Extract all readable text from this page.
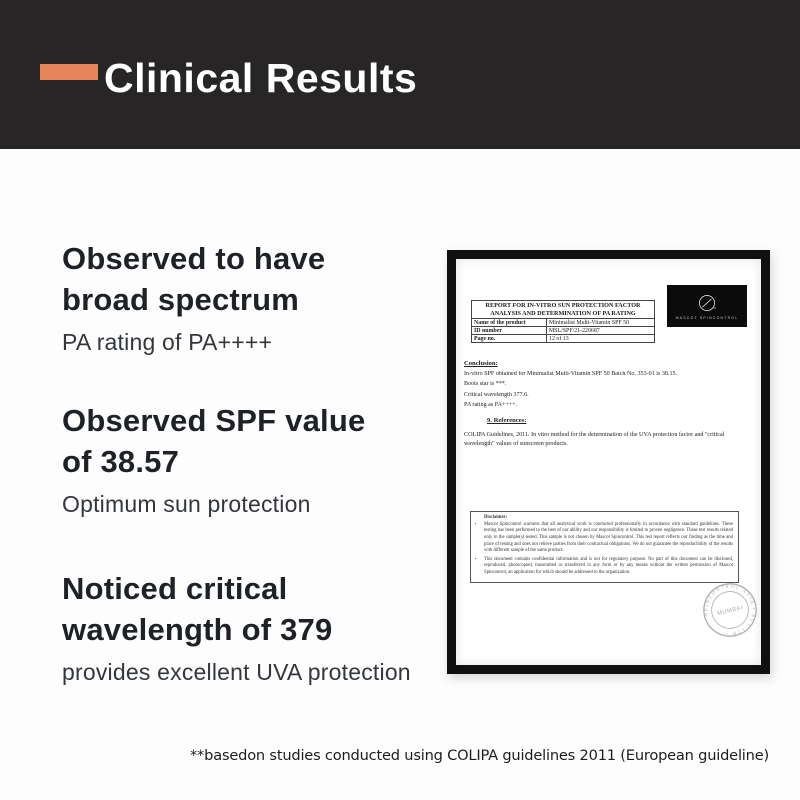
Clinical Results
Observed to have
broad spectrum
PA rating of PA++++
Observed SPF value
of 38.57
Optimum sun protection
Noticed critical
wavelength of 379
provides excellent UVA protection
MASCOT SPINCONTROL
REPORT FOR IN-VITRO SUN PROTECTION FACTOR
ANALYSIS AND DETERMINATION OF PA RATING	

Name of the product	Minimalist Multi-Vitamin SPF 50
ID number	MSL/SPF/21-220687
Page no.	12 of 13
Conclusion:
In-vitro SPF obtained for Minimalist Multi-Vitamin SPF 50 Batch No. 353-01 is 38.15.
Boots star is ***.
Critical wavelength 377.6.
PA rating as PA++++.
9. References:
COLIPA Guidelines, 2011. In vitro method for the determination of the UVA protection factor and "critical wavelength" values of sunscreen products.
Disclaimer:
• Mascot Spincontrol warrants that all analytical work is conducted professionally in accordance with standard guidelines. These testing has been performed to the best of our ability and our responsibility is limited to proven negligence. These test results related only to the sample(s) tested. This sample is not chosen by Mascot Spincontrol. This test report reflects our finding as the time and place of testing and does not relieve parties from their contractual obligations. We do not guarantee the reproducibility of the results with different sample of the same product.
• This document contains confidential information and is not for regulatory purpose. No part of this document can be disclosed, reproduced, photocopied, transmitted or transferred in any form or by any means without the written permission of Mascot Spincontrol, an application for which should be addressed to the organization.
SPINCONTROL ASIA • PVT LTD •
MUMBAI
**basedon studies conducted using COLIPA guidelines 2011 (European guideline)
